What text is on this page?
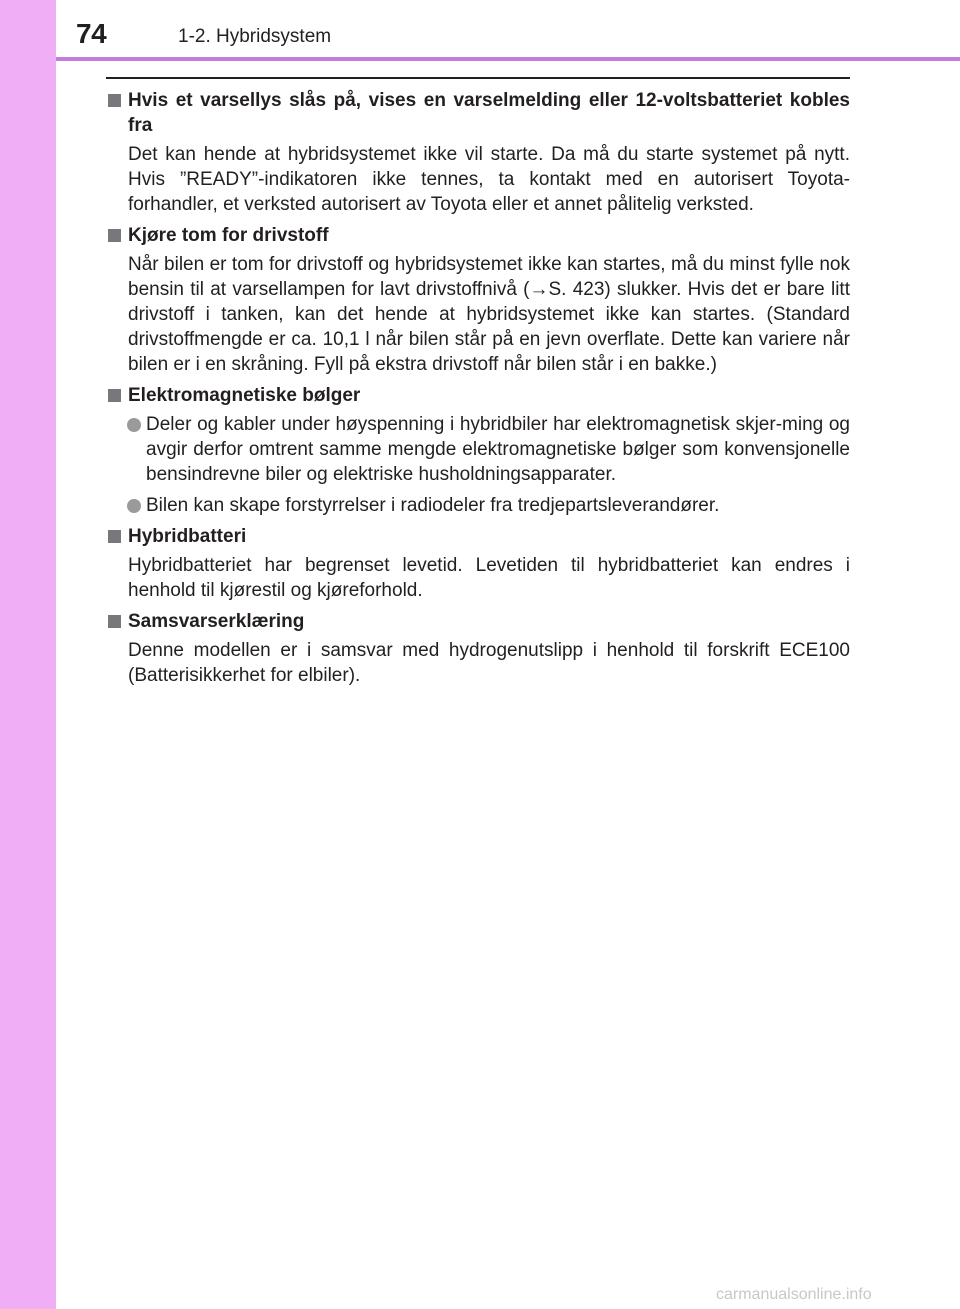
74	1-2. Hybridsystem
Hvis et varsellys slås på, vises en varselmelding eller 12-voltsbatteriet kobles fra
Det kan hende at hybridsystemet ikke vil starte. Da må du starte systemet på nytt. Hvis ”READY”-indikatoren ikke tennes, ta kontakt med en autorisert Toyota-forhandler, et verksted autorisert av Toyota eller et annet pålitelig verksted.
Kjøre tom for drivstoff
Når bilen er tom for drivstoff og hybridsystemet ikke kan startes, må du minst fylle nok bensin til at varsellampen for lavt drivstoffnivå (→S. 423) slukker. Hvis det er bare litt drivstoff i tanken, kan det hende at hybridsystemet ikke kan startes. (Standard drivstoffmengde er ca. 10,1 l når bilen står på en jevn overflate. Dette kan variere når bilen er i en skråning. Fyll på ekstra drivstoff når bilen står i en bakke.)
Elektromagnetiske bølger
Deler og kabler under høyspenning i hybridbiler har elektromagnetisk skjer-ming og avgir derfor omtrent samme mengde elektromagnetiske bølger som konvensjonelle bensindrevne biler og elektriske husholdningsapparater.
Bilen kan skape forstyrrelser i radiodeler fra tredjepartsleverandører.
Hybridbatteri
Hybridbatteriet har begrenset levetid. Levetiden til hybridbatteriet kan endres i henhold til kjørestil og kjøreforhold.
Samsvarserklæring
Denne modellen er i samsvar med hydrogenutslipp i henhold til forskrift ECE100 (Batterisikkerhet for elbiler).
carmanualsonline.info
